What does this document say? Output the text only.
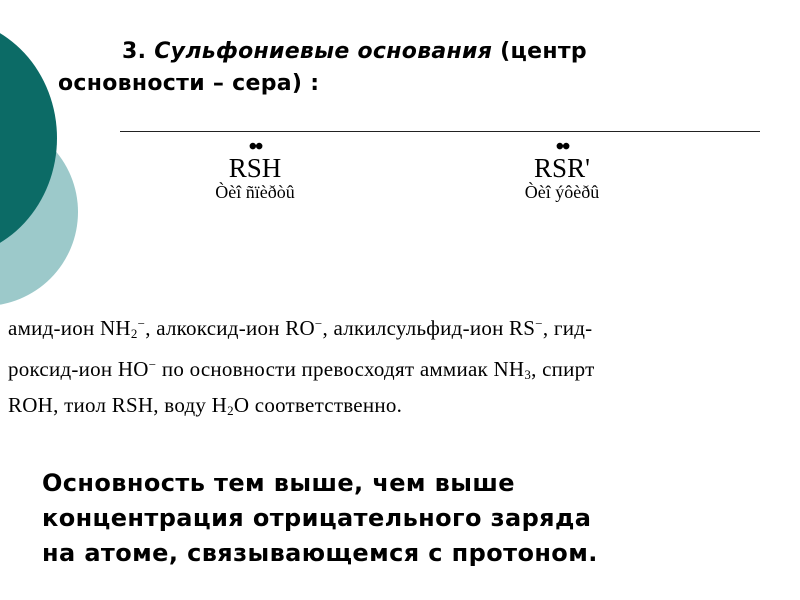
3. Сульфониевые основания (центр
основности – сера) :
••
RSH
Òèî ñïèðòû
••
RSR'
Òèî ýôèðû

амид-ион $NH_2^-$, алкоксид-ион RO−, алкилсульфид-ион RS−, гид-

роксид-ион HO− по основности превосходят аммиак $NH_3$, спирт

ROH, тиол RSH, воду $H_2O$ соответственно.

Основность тем выше, чем выше
концентрация отрицательного заряда
на атоме, связывающемся с протоном.
